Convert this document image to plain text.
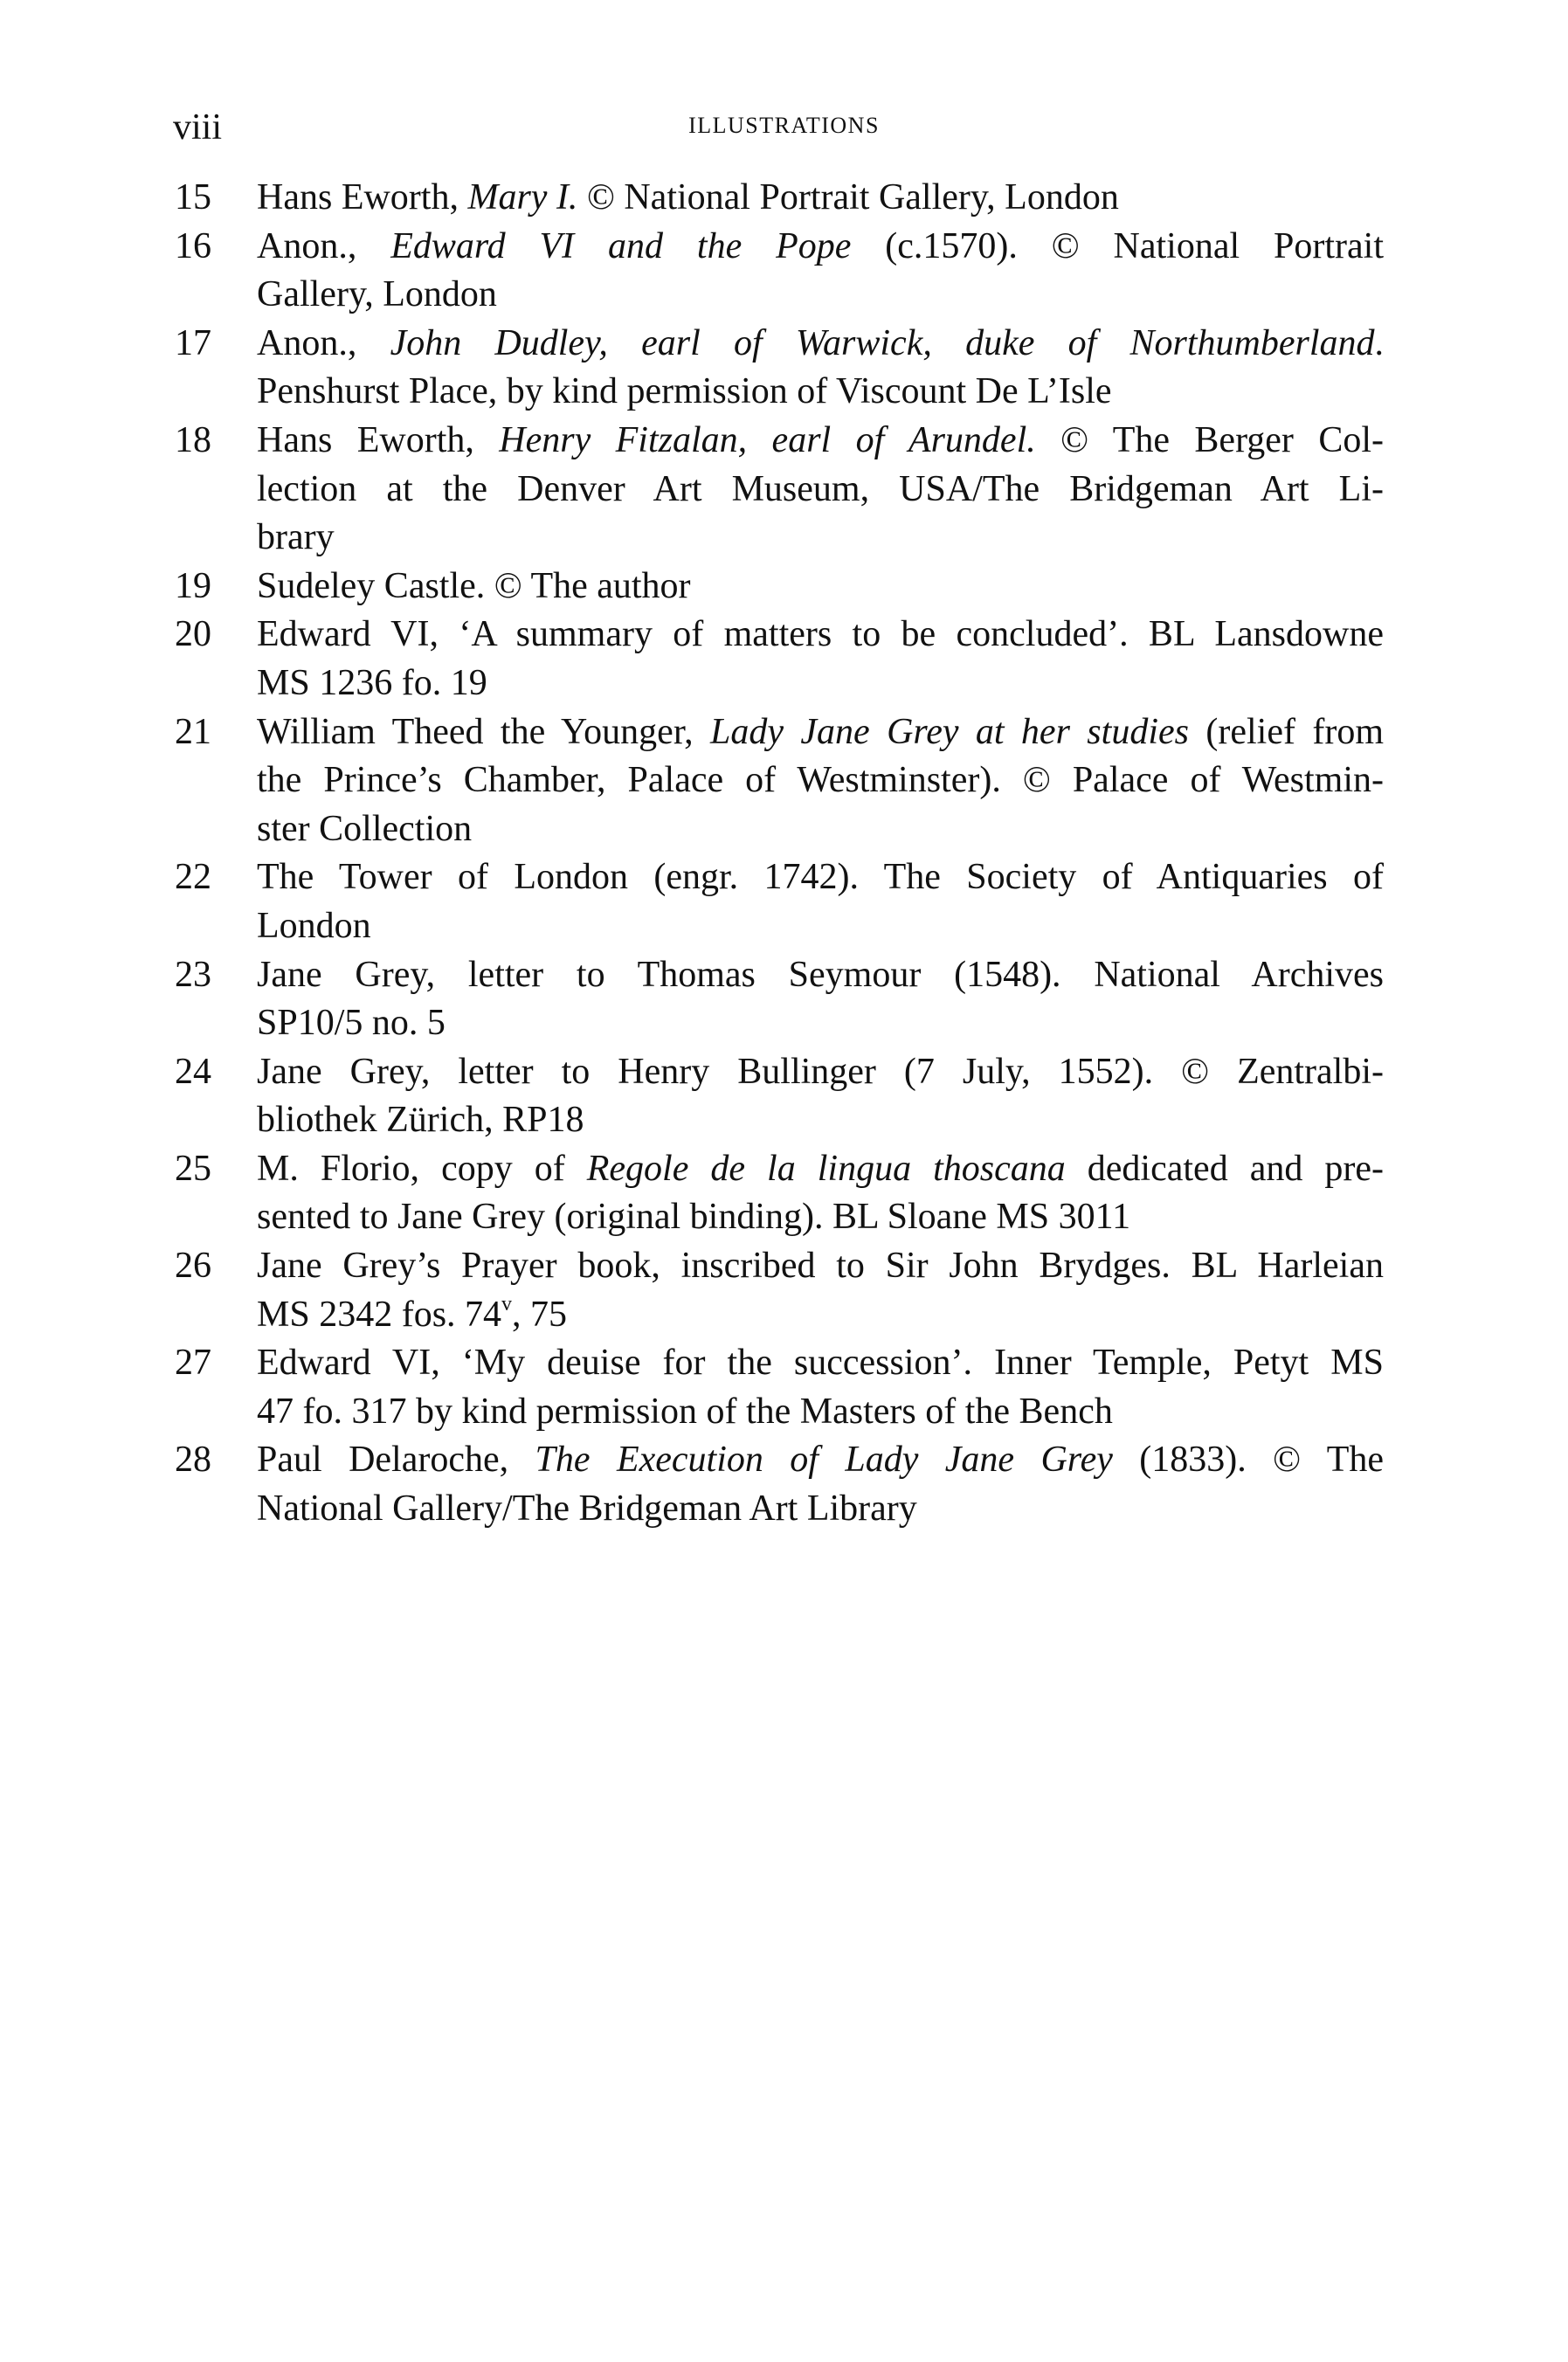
viii	ILLUSTRATIONS
15 Hans Eworth, Mary I. © National Portrait Gallery, London
16 Anon., Edward VI and the Pope (c.1570). © National Portrait
Gallery, London
17 Anon., John Dudley, earl of Warwick, duke of Northumberland.
Penshurst Place, by kind permission of Viscount De L’Isle
18 Hans Eworth, Henry Fitzalan, earl of Arundel. © The Berger Col-
lection at the Denver Art Museum, USA/The Bridgeman Art Li-
brary
19 Sudeley Castle. © The author
20 Edward VI, ‘A summary of matters to be concluded’. BL Lansdowne
MS 1236 fo. 19
21 William Theed the Younger, Lady Jane Grey at her studies (relief from
the Prince’s Chamber, Palace of Westminster). © Palace of Westmin-
ster Collection
22 The Tower of London (engr. 1742). The Society of Antiquaries of
London
23 Jane Grey, letter to Thomas Seymour (1548). National Archives
SP10/5 no. 5
24 Jane Grey, letter to Henry Bullinger (7 July, 1552). © Zentralbi-
bliothek Zürich, RP18
25 M. Florio, copy of Regole de la lingua thoscana dedicated and pre-
sented to Jane Grey (original binding). BL Sloane MS 3011
26 Jane Grey’s Prayer book, inscribed to Sir John Brydges. BL Harleian
MS 2342 fos. 74$^v$, 75
27 Edward VI, ‘My deuise for the succession’. Inner Temple, Petyt MS
47 fo. 317 by kind permission of the Masters of the Bench
28 Paul Delaroche, The Execution of Lady Jane Grey (1833). © The
National Gallery/The Bridgeman Art Library
